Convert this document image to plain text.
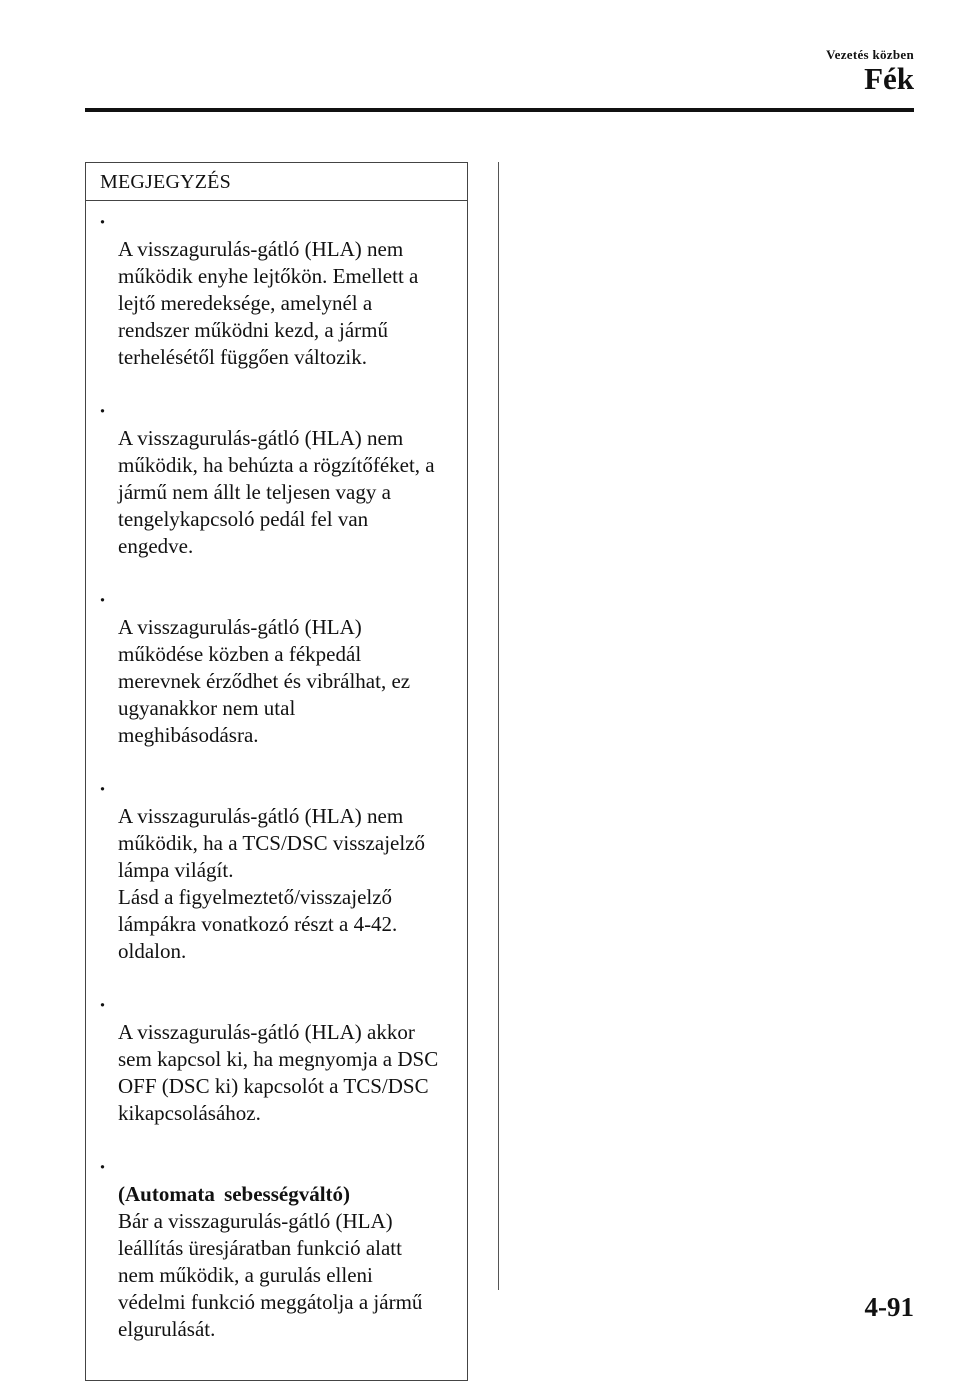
Vezetés közben
Fék
MEGJEGYZÉS

· A visszagurulás-gátló (HLA) nem
működik enyhe lejtőkön. Emellett a
lejtő meredeksége, amelynél a
rendszer működni kezd, a jármű
terhelésétől függően változik.

· A visszagurulás-gátló (HLA) nem
működik, ha behúzta a rögzítőféket, a
jármű nem állt le teljesen vagy a
tengelykapcsoló pedál fel van
engedve.

· A visszagurulás-gátló (HLA)
működése közben a fékpedál
merevnek érződhet és vibrálhat, ez
ugyanakkor nem utal
meghibásodásra.

· A visszagurulás-gátló (HLA) nem
működik, ha a TCS/DSC visszajelző
lámpa világít.
Lásd a figyelmeztető/visszajelző
lámpákra vonatkozó részt a 4-42.
oldalon.

· A visszagurulás-gátló (HLA) akkor
sem kapcsol ki, ha megnyomja a DSC
OFF (DSC ki) kapcsolót a TCS/DSC
kikapcsolásához.

· (Automata sebességváltó)

Bár a visszagurulás-gátló (HLA)
leállítás üresjáratban funkció alatt
nem működik, a gurulás elleni
védelmi funkció meggátolja a jármű
elgurulását.

4-91
